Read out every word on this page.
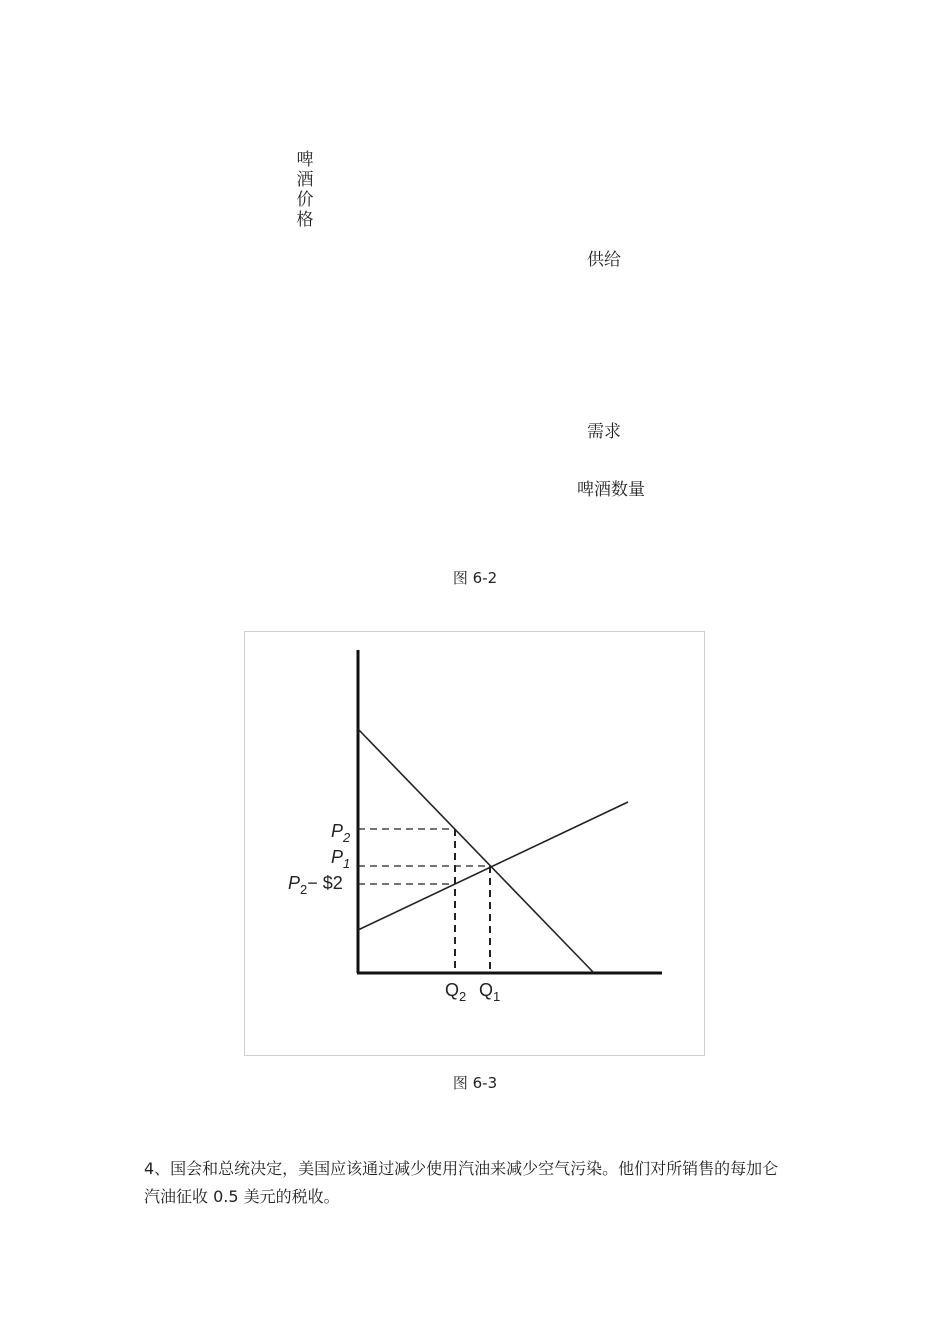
啤
酒
价
格
供给
需求
啤酒数量
图 6-2
$P_2$
$P_1$
$P_2-$ $2
$Q_2$ $Q_1$
图 6-3
4、国会和总统决定，美国应该通过减少使用汽油来减少空气污染。他们对所销售的每加仑
汽油征收 0.5 美元的税收。
